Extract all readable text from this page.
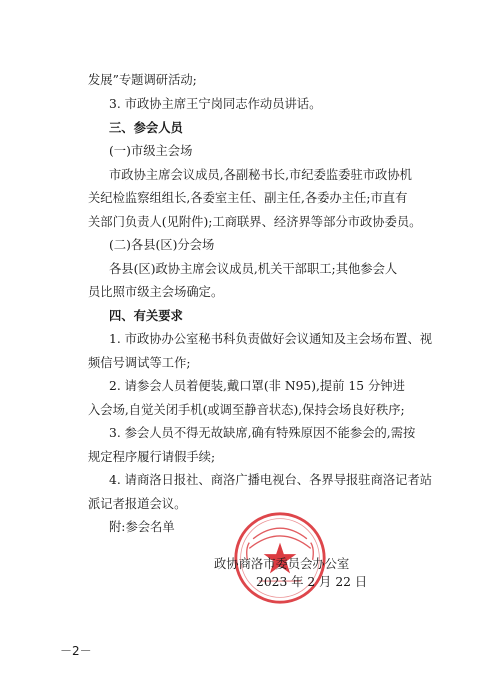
发展”专题调研活动;
3. 市政协主席王宁岗同志作动员讲话。
三、参会人员
(一)市级主会场
市政协主席会议成员,各副秘书长,市纪委监委驻市政协机
关纪检监察组组长,各委室主任、副主任,各委办主任;市直有
关部门负责人(见附件);工商联界、经济界等部分市政协委员。
(二)各县(区)分会场
各县(区)政协主席会议成员,机关干部职工;其他参会人
员比照市级主会场确定。
四、有关要求
1. 市政协办公室秘书科负责做好会议通知及主会场布置、视
频信号调试等工作;
2. 请参会人员着便装,戴口罩(非 N95),提前 15 分钟进
入会场,自觉关闭手机(或调至静音状态),保持会场良好秩序;
3. 参会人员不得无故缺席,确有特殊原因不能参会的,需按
规定程序履行请假手续;
4. 请商洛日报社、商洛广播电视台、各界导报驻商洛记者站
派记者报道会议。
附:参会名单
政协商洛市委员会办公室
2023 年 2 月 22 日
－2－
